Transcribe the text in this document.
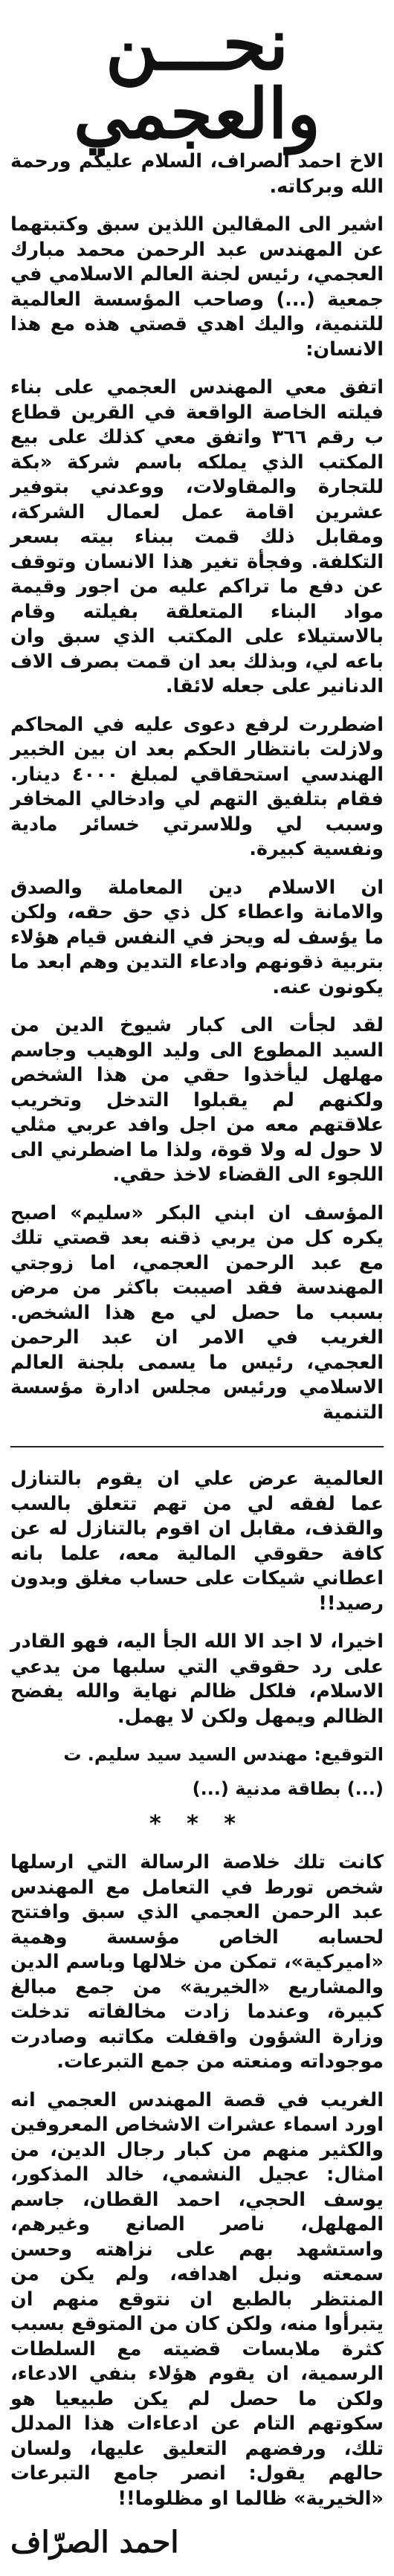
نحـــن
والعجمي

الاخ احمد الصراف، السلام عليكم ورحمة الله وبركاته.

اشير الى المقالين اللذين سبق وكتبتهما عن المهندس عبد الرحمن محمد مبارك العجمي، رئيس لجنة العالم الاسلامي في جمعية (...) وصاحب المؤسسة العالمية للتنمية، واليك اهدي قصتي هذه مع هذا الانسان:

اتفق معي المهندس العجمي على بناء فيلته الخاصة الواقعة في القرين قطاع ب رقم ٣٦٦ واتفق معي كذلك على بيع المكتب الذي يملكه باسم شركة «بكة للتجارة والمقاولات، ووعدني بتوفير عشرين اقامة عمل لعمال الشركة، ومقابل ذلك قمت ببناء بيته بسعر التكلفة. وفجأة تغير هذا الانسان وتوقف عن دفع ما تراكم عليه من اجور وقيمة مواد البناء المتعلقة بفيلته وقام بالاستيلاء على المكتب الذي سبق وان باعه لي، وبذلك بعد ان قمت بصرف الاف الدنانير على جعله لائقا.

اضطررت لرفع دعوى عليه في المحاكم ولازلت بانتظار الحكم بعد ان بين الخبير الهندسي استحقاقي لمبلغ ٤٠٠٠ دينار. فقام بتلفيق التهم لي وادخالي المخافر وسبب لي وللاسرتي خسائر مادية ونفسية كبيرة.

ان الاسلام دين المعاملة والصدق والامانة واعطاء كل ذي حق حقه، ولكن ما يؤسف له ويحز في النفس قيام هؤلاء بتربية ذقونهم وادعاء التدين وهم ابعد ما يكونون عنه.

لقد لجأت الى كبار شيوخ الدين من السيد المطوع الى وليد الوهيب وجاسم مهلهل ليأخذوا حقي من هذا الشخص ولكنهم لم يقبلوا التدخل وتخريب علاقتهم معه من اجل وافد عربي مثلي لا حول له ولا قوة، ولذا ما اضطرني الى اللجوء الى القضاء لاخذ حقي.

المؤسف ان ابني البكر «سليم» اصبح يكره كل من يربي ذقنه بعد قصتي تلك مع عبد الرحمن العجمي، اما زوجتي المهندسة فقد اصيبت باكثر من مرض بسبب ما حصل لي مع هذا الشخص. الغريب في الامر ان عبد الرحمن العجمي، رئيس ما يسمى بلجنة العالم الاسلامي ورئيس مجلس ادارة مؤسسة التنمية

العالمية عرض علي ان يقوم بالتنازل عما لفقه لي من تهم تتعلق بالسب والقذف، مقابل ان اقوم بالتنازل له عن كافة حقوقي المالية معه، علما بانه اعطاني شيكات على حساب مغلق وبدون رصيد!!

اخيرا، لا اجد الا الله الجأ اليه، فهو القادر على رد حقوقي التي سلبها من يدعي الاسلام، فلكل ظالم نهاية والله يفضح الظالم ويمهل ولكن لا يهمل.

التوقيع: مهندس السيد سيد سليم. ت
(...) بطاقة مدنية (...)
* * *

كانت تلك خلاصة الرسالة التي ارسلها شخص تورط في التعامل مع المهندس عبد الرحمن العجمي الذي سبق وافتتح لحسابه الخاص مؤسسة وهمية «اميركية»، تمكن من خلالها وباسم الدين والمشاريع «الخيرية» من جمع مبالغ كبيرة، وعندما زادت مخالفاته تدخلت وزارة الشؤون واقفلت مكاتبه وصادرت موجوداته ومنعته من جمع التبرعات.

الغريب في قصة المهندس العجمي انه اورد اسماء عشرات الاشخاص المعروفين والكثير منهم من كبار رجال الدين، من امثال: عجيل النشمي، خالد المذكور، يوسف الحجي، احمد القطان، جاسم المهلهل، ناصر الصانع وغيرهم، واستشهد بهم على نزاهته وحسن سمعته ونبل اهدافه، ولم يكن من المنتظر بالطبع ان نتوقع منهم ان يتبرأوا منه، ولكن كان من المتوقع بسبب كثرة ملابسات قضيته مع السلطات الرسمية، ان يقوم هؤلاء بنفي الادعاء، ولكن ما حصل لم يكن طبيعيا هو سكوتهم التام عن ادعاءات هذا المدلل تلك، ورفضهم التعليق عليها، ولسان حالهم يقول: انصر جامع التبرعات «الخيرية» ظالما او مظلوما!!

احمد الصرّاف
